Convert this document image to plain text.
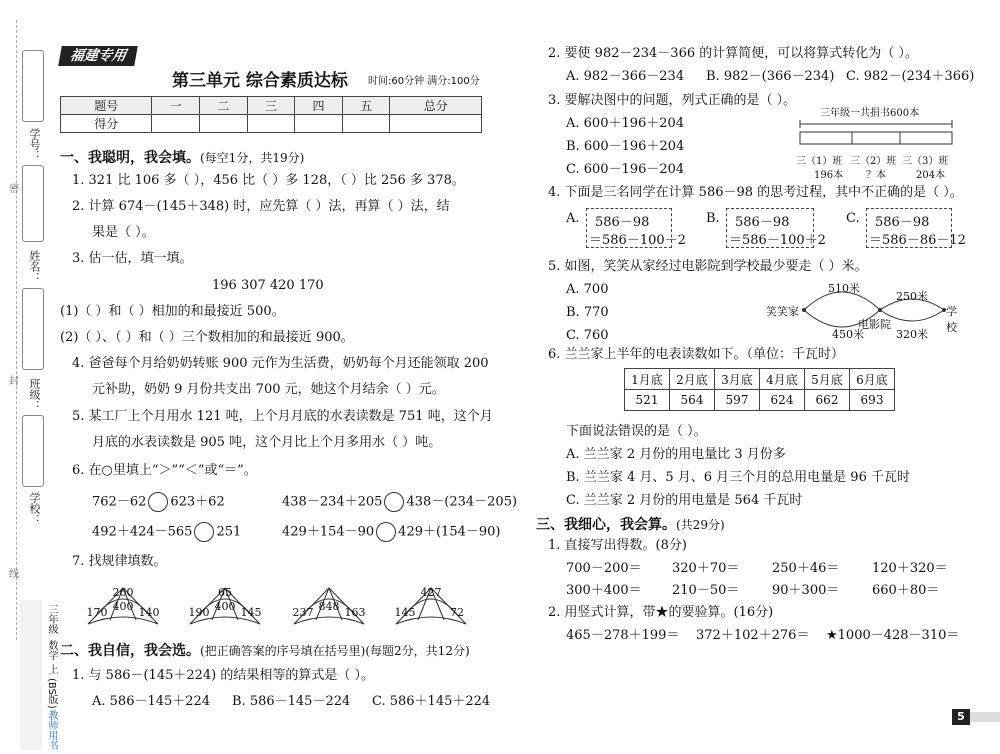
学号：
姓名：
班级：
学校：
密
封
线
三年级
数学
上
(BS版)
教师用书
福建专用
第三单元 综合素质达标 时间:60分钟 满分:100分
题号	一	二	三	四	五	总分
得分						
一、我聪明，我会填。(每空1分，共19分)
1. 321 比 106 多（ ），456 比（ ）多 128，（ ）比 256 多 378。
2. 计算 674－(145＋348) 时，应先算（ ）法，再算（ ）法，结
果是（ ）。
3. 估一估，填一填。
196 307 420 170
(1)（ ）和（ ）相加的和最接近 500。
(2)（ ）、（ ）和（ ）三个数相加的和最接近 900。
4. 爸爸每个月给奶奶转账 900 元作为生活费，奶奶每个月还能领取 200
元补助，奶奶 9 月份共支出 700 元，她这个月结余（ ）元。
5. 某工厂上个月用水 121 吨，上个月月底的水表读数是 751 吨，这个月
月底的水表读数是 905 吨，这个月比上个月多用水（ ）吨。
6. 在○里填上“＞”“＜”或“＝”。
762－62 623＋62	438－234＋205 438－(234－205)
492＋424－565 251	429＋154－90 429＋(154－90)
7. 找规律填数。
260
170 400 140
65
190 400 145	237 848 163
427
145	72
二、我自信，我会选。(把正确答案的序号填在括号里)(每题2分，共12分)
1. 与 586－(145＋224) 的结果相等的算式是（ ）。
A. 586－145＋224 B. 586－145－224 C. 586＋145＋224
2. 要使 982－234－366 的计算简便，可以将算式转化为（ ）。
A. 982－366－234 B. 982－(366－234) C. 982－(234＋366)
3. 要解决图中的问题，列式正确的是（ ）。
A. 600＋196＋204
B. 600－196＋204
C. 600－196－204
三年级一共捐书600本
三（1）班 三（2）班 三（3）班
196本 ？本	204本
4. 下面是三名同学在计算 586－98 的思考过程，其中不正确的是（ ）。
A. 586－98
＝586－100－2
B. 586－98
＝586－100＋2
C. 586－98
＝586－86－12
5. 如图，笑笑从家经过电影院到学校最少要走（ ）米。
A. 700
B. 770
C. 760
笑笑家
电影院
学校
510米
450米
250米
320米
6. 兰兰家上半年的电表读数如下。（单位：千瓦时）
1月底	2月底	3月底	4月底	5月底	6月底
521	564	597	624	662	693
下面说法错误的是（ ）。
A. 兰兰家 2 月份的用电量比 3 月份多
B. 兰兰家 4 月、5 月、6 月三个月的总用电量是 96 千瓦时
C. 兰兰家 2 月份的用电量是 564 千瓦时
三、我细心，我会算。(共29分)
1. 直接写出得数。(8分)
700－200＝ 320＋70＝	250＋46＝	120＋320＝
300＋400＝ 210－50＝	90＋300＝	660＋80＝
2. 用竖式计算，带★的要验算。(16分)
465－278＋199＝ 372＋102＋276＝ ★1000－428－310＝
5
